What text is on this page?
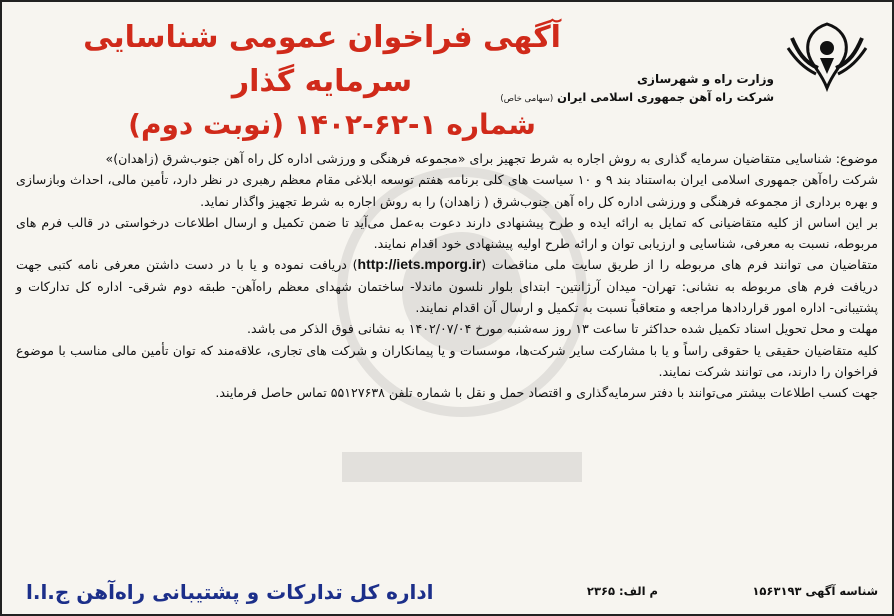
وزارت راه و شهرسازی
شرکت راه آهن جمهوری اسلامی ایران (سهامی خاص)
آگهی فراخوان عمومی شناسایی سرمایه گذار
شماره ۱-۶۲-۱۴۰۲ (نوبت دوم)

موضوع: شناسایی متقاضیان سرمایه گذاری به روش اجاره به شرط تجهیز برای «مجموعه فرهنگی و ورزشی اداره کل راه آهن جنوب‌شرق (زاهدان)»

شرکت راه‌آهن جمهوری اسلامی ایران به‌استناد بند ۹ و ۱۰ سیاست های کلی برنامه هفتم توسعه ابلاغی مقام معظم رهبری در نظر دارد، تأمین مالی، احداث وبازسازی و بهره برداری از مجموعه فرهنگی و ورزشی اداره کل راه آهن جنوب‌شرق ( زاهدان) را به روش اجاره به شرط تجهیز واگذار نماید.

بر این اساس از کلیه متقاضیانی که تمایل به ارائه ایده و طرح پیشنهادی دارند دعوت به‌عمل می‌آید تا ضمن تکمیل و ارسال اطلاعات درخواستی در قالب فرم های مربوطه، نسبت به معرفی، شناسایی و ارزیابی توان و ارائه طرح اولیه پیشنهادی خود اقدام نمایند.

متقاضیان می توانند فرم های مربوطه را از طریق سایت ملی مناقصات (http://iets.mporg.ir) دریافت نموده و یا با در دست داشتن معرفی نامه کتبی جهت دریافت فرم های مربوطه به نشانی: تهران- میدان آرژانتین- ابتدای بلوار نلسون ماندلا- ساختمان شهدای معظم راه‌آهن- طبقه دوم شرقی- اداره کل تدارکات و پشتیبانی- اداره امور قراردادها مراجعه و متعاقباً نسبت به تکمیل و ارسال آن اقدام نمایند.

مهلت و محل تحویل اسناد تکمیل شده حداکثر تا ساعت ۱۳ روز سه‌شنبه مورخ ۱۴۰۲/۰۷/۰۴ به نشانی فوق الذکر می باشد.

کلیه متقاضیان حقیقی یا حقوقی راساً و یا با مشارکت سایر شرکت‌ها، موسسات و یا پیمانکاران و شرکت های تجاری، علاقه‌مند که توان تأمین مالی مناسب با موضوع فراخوان را دارند، می توانند شرکت نمایند.

جهت کسب اطلاعات بیشتر می‌توانند با دفتر سرمایه‌گذاری و اقتصاد حمل و نقل با شماره تلفن ۵۵۱۲۷۶۳۸ تماس حاصل فرمایند.

شناسه آگهی ۱۵۶۳۱۹۳
م الف: ۲۳۶۵
اداره کل تدارکات و پشتیبانی راه‌آهن ج.ا.ا
